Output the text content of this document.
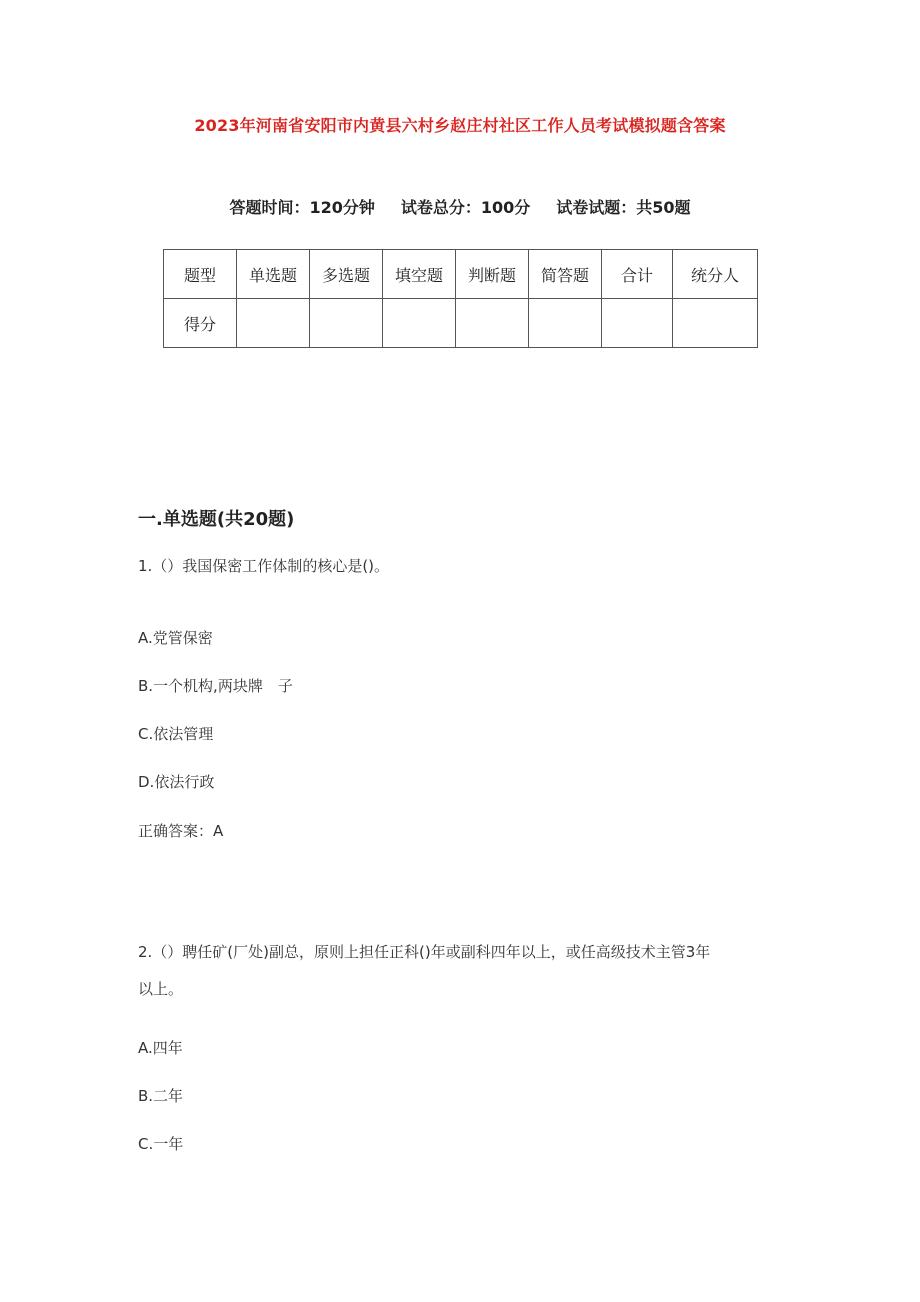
2023年河南省安阳市内黄县六村乡赵庄村社区工作人员考试模拟题含答案
答题时间：120分钟 试卷总分：100分 试卷试题：共50题
题型	单选题	多选题	填空题	判断题	简答题	合计	统分人
得分							
一.单选题(共20题)
1.（）我国保密工作体制的核心是()。
A.党管保密
B.一个机构,两块牌　子
C.依法管理
D.依法行政
正确答案：A
2.（）聘任矿(厂处)副总，原则上担任正科()年或副科四年以上，或任高级技术主管3年
以上。
A.四年
B.二年
C.一年
